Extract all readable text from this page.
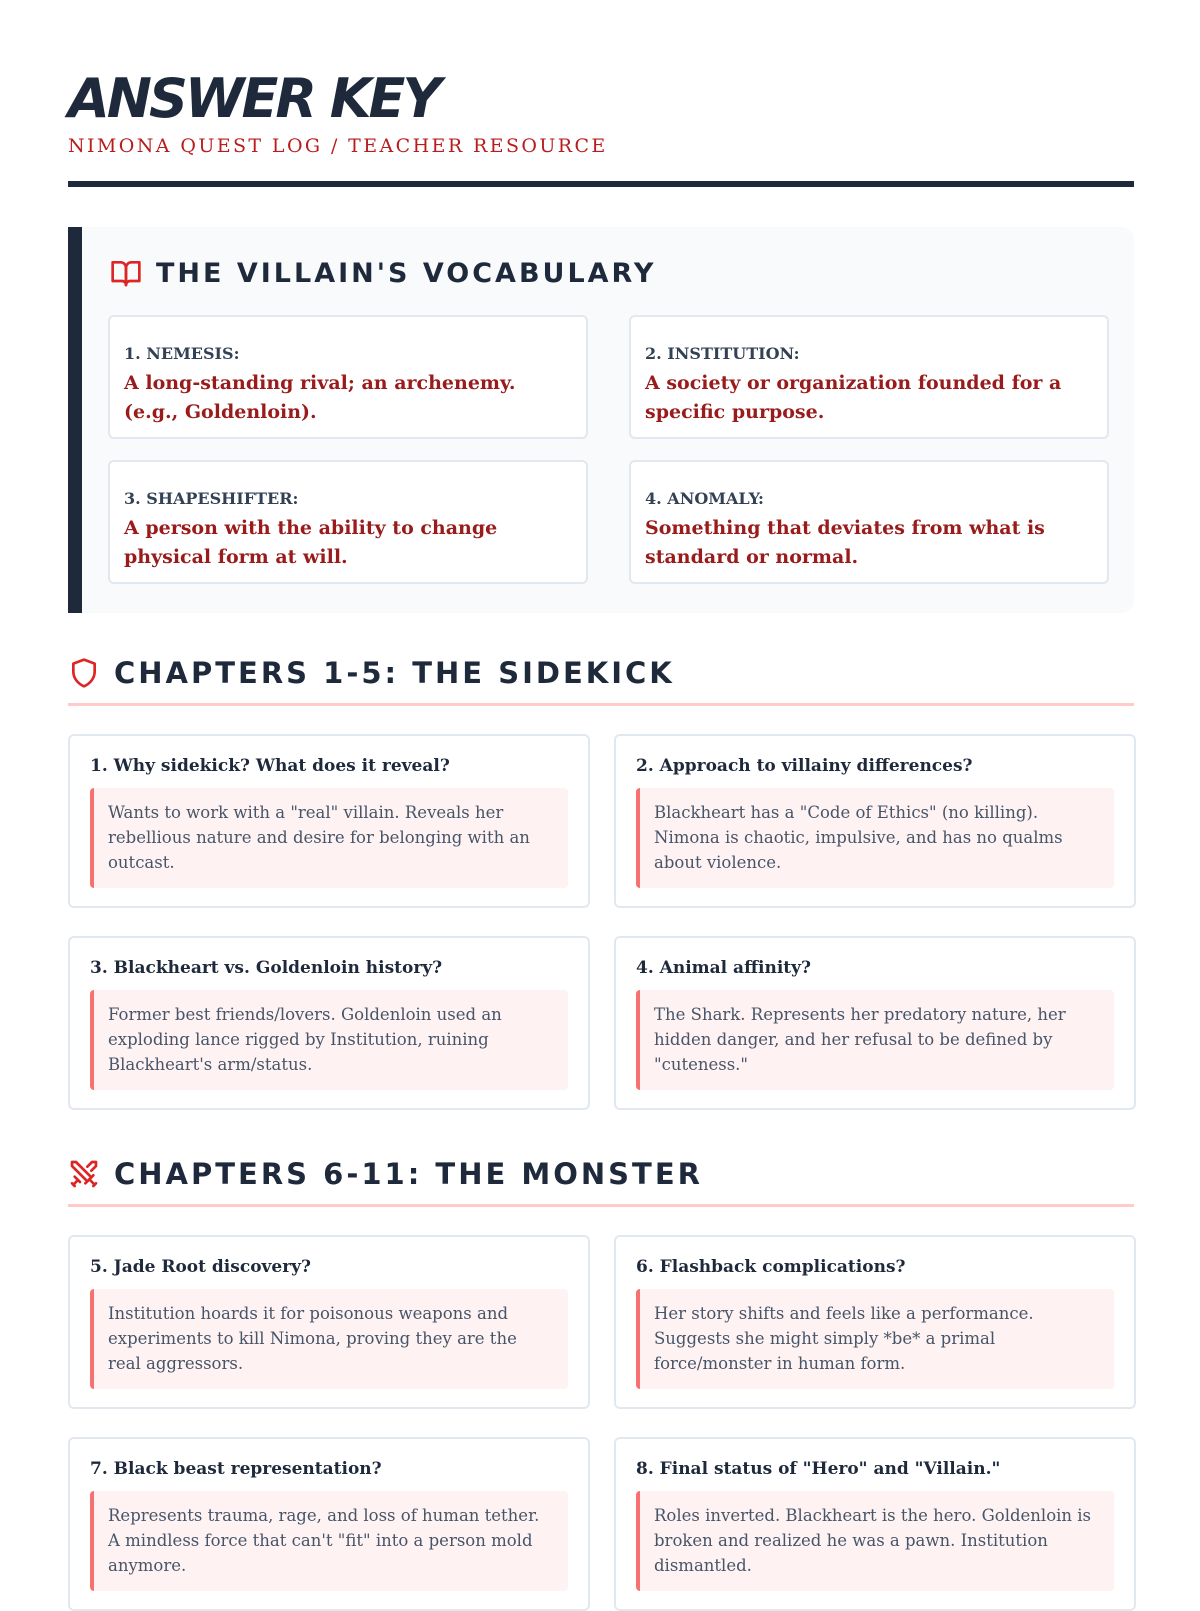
ANSWER KEY
NIMONA QUEST LOG / TEACHER RESOURCE
THE VILLAIN'S VOCABULARY
1. NEMESIS:
A long-standing rival; an archenemy. (e.g., Goldenloin).
2. INSTITUTION:
A society or organization founded for a specific purpose.
3. SHAPESHIFTER:
A person with the ability to change physical form at will.
4. ANOMALY:
Something that deviates from what is standard or normal.
CHAPTERS 1-5: THE SIDEKICK
1. Why sidekick? What does it reveal?
Wants to work with a "real" villain. Reveals her rebellious nature and desire for belonging with an outcast.
2. Approach to villainy differences?
Blackheart has a "Code of Ethics" (no killing). Nimona is chaotic, impulsive, and has no qualms about violence.
3. Blackheart vs. Goldenloin history?
Former best friends/lovers. Goldenloin used an exploding lance rigged by Institution, ruining Blackheart's arm/status.
4. Animal affinity?
The Shark. Represents her predatory nature, her hidden danger, and her refusal to be defined by "cuteness."
CHAPTERS 6-11: THE MONSTER
5. Jade Root discovery?
Institution hoards it for poisonous weapons and experiments to kill Nimona, proving they are the real aggressors.
6. Flashback complications?
Her story shifts and feels like a performance. Suggests she might simply *be* a primal force/monster in human form.
7. Black beast representation?
Represents trauma, rage, and loss of human tether. A mindless force that can't "fit" into a person mold anymore.
8. Final status of "Hero" and "Villain."
Roles inverted. Blackheart is the hero. Goldenloin is broken and realized he was a pawn. Institution dismantled.
